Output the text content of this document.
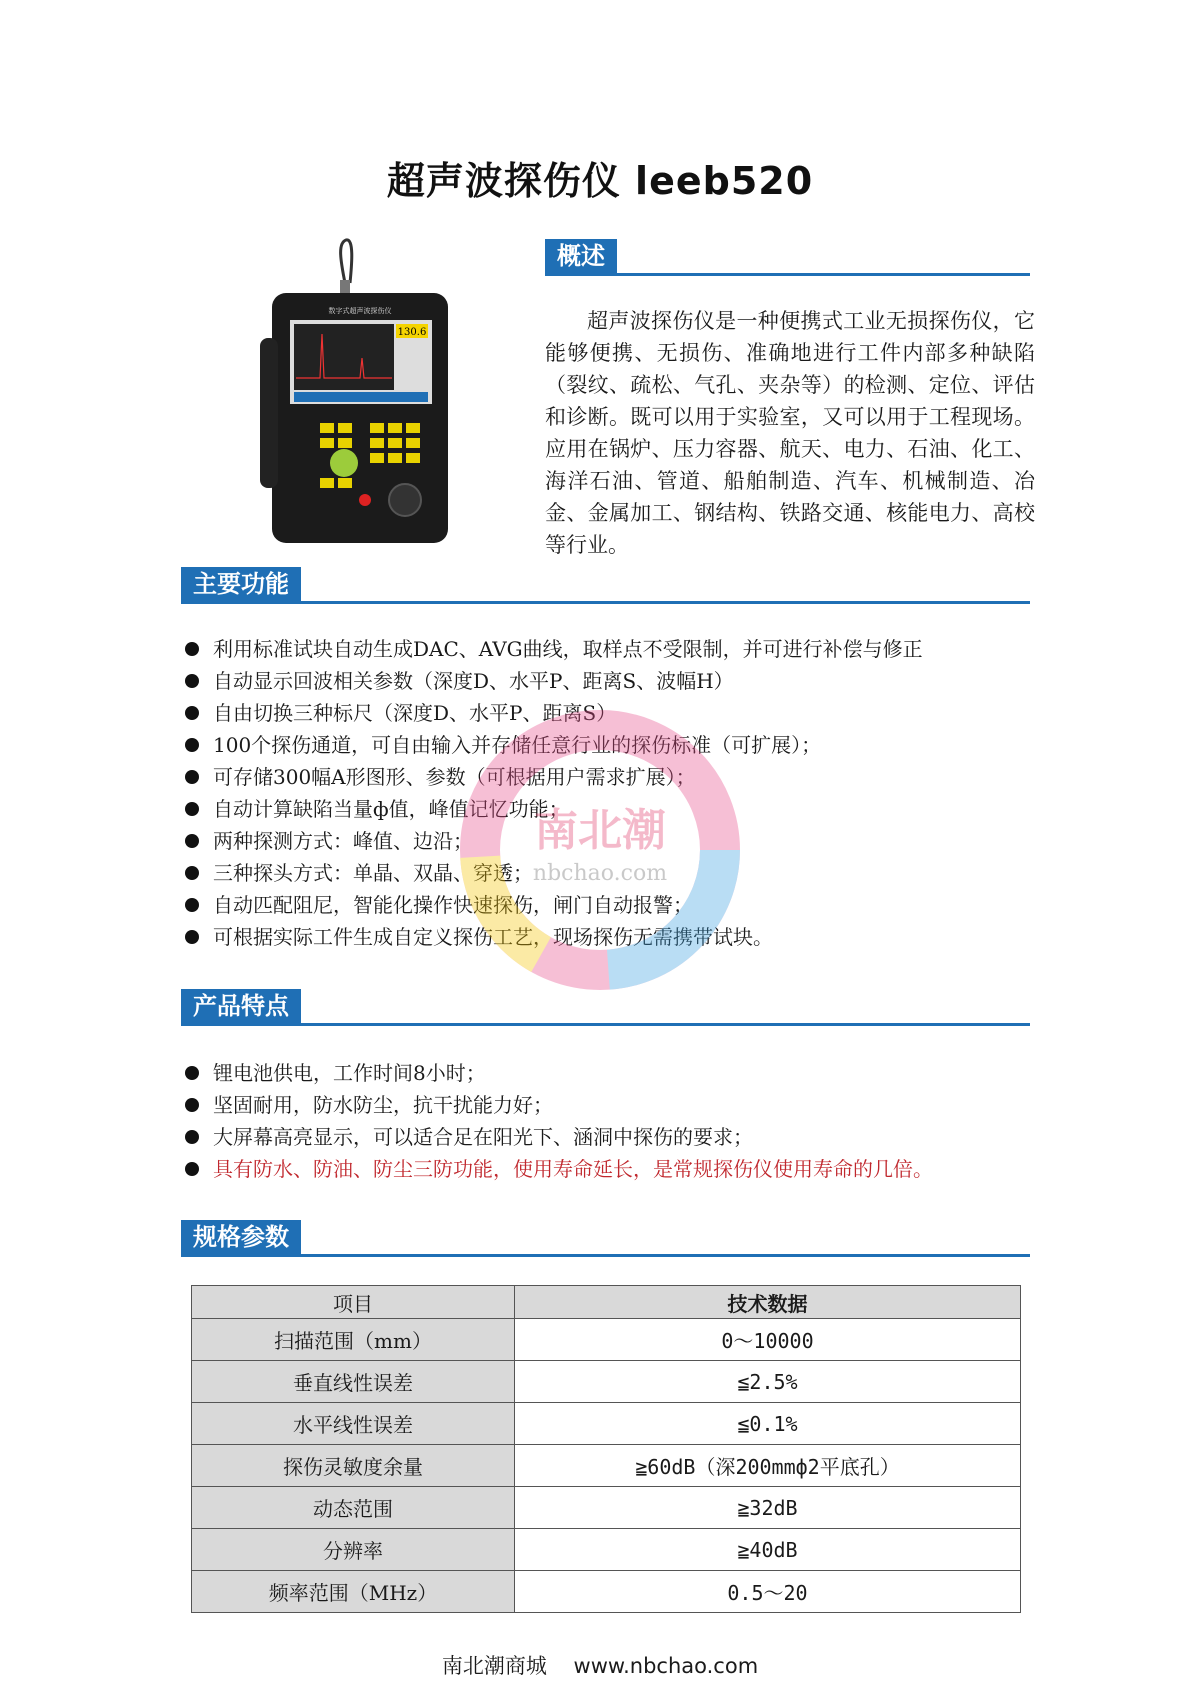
超声波探伤仪 leeb520
数字式超声波探伤仪
130.6
概述

超声波探伤仪是一种便携式工业无损探伤仪，它能够便携、无损伤、准确地进行工件内部多种缺陷（裂纹、疏松、气孔、夹杂等）的检测、定位、评估和诊断。既可以用于实验室，又可以用于工程现场。应用在锅炉、压力容器、航天、电力、石油、化工、海洋石油、管道、船舶制造、汽车、机械制造、冶金、金属加工、钢结构、铁路交通、核能电力、高校等行业。

主要功能
利用标准试块自动生成DAC、AVG曲线，取样点不受限制，并可进行补偿与修正
自动显示回波相关参数（深度D、水平P、距离S、波幅H）
自由切换三种标尺（深度D、水平P、距离S）
100个探伤通道，可自由输入并存储任意行业的探伤标准（可扩展）；
可存储300幅A形图形、参数（可根据用户需求扩展）；
自动计算缺陷当量ф值，峰值记忆功能；
两种探测方式：峰值、边沿；
三种探头方式：单晶、双晶、穿透；
自动匹配阻尼，智能化操作快速探伤，闸门自动报警；
可根据实际工件生成自定义探伤工艺，现场探伤无需携带试块。
南北潮
nbchao.com
产品特点
锂电池供电，工作时间8小时；
坚固耐用，防水防尘，抗干扰能力好；
大屏幕高亮显示，可以适合足在阳光下、涵洞中探伤的要求；
具有防水、防油、防尘三防功能，使用寿命延长，是常规探伤仪使用寿命的几倍。
规格参数
项目	技术数据
扫描范围（mm）	0～10000
垂直线性误差	≦2.5%
水平线性误差	≦0.1%
探伤灵敏度余量	≧60dB（深200mmф2平底孔）
动态范围	≧32dB
分辨率	≧40dB
频率范围（MHz）	0.5～20
南北潮商城 www.nbchao.com
